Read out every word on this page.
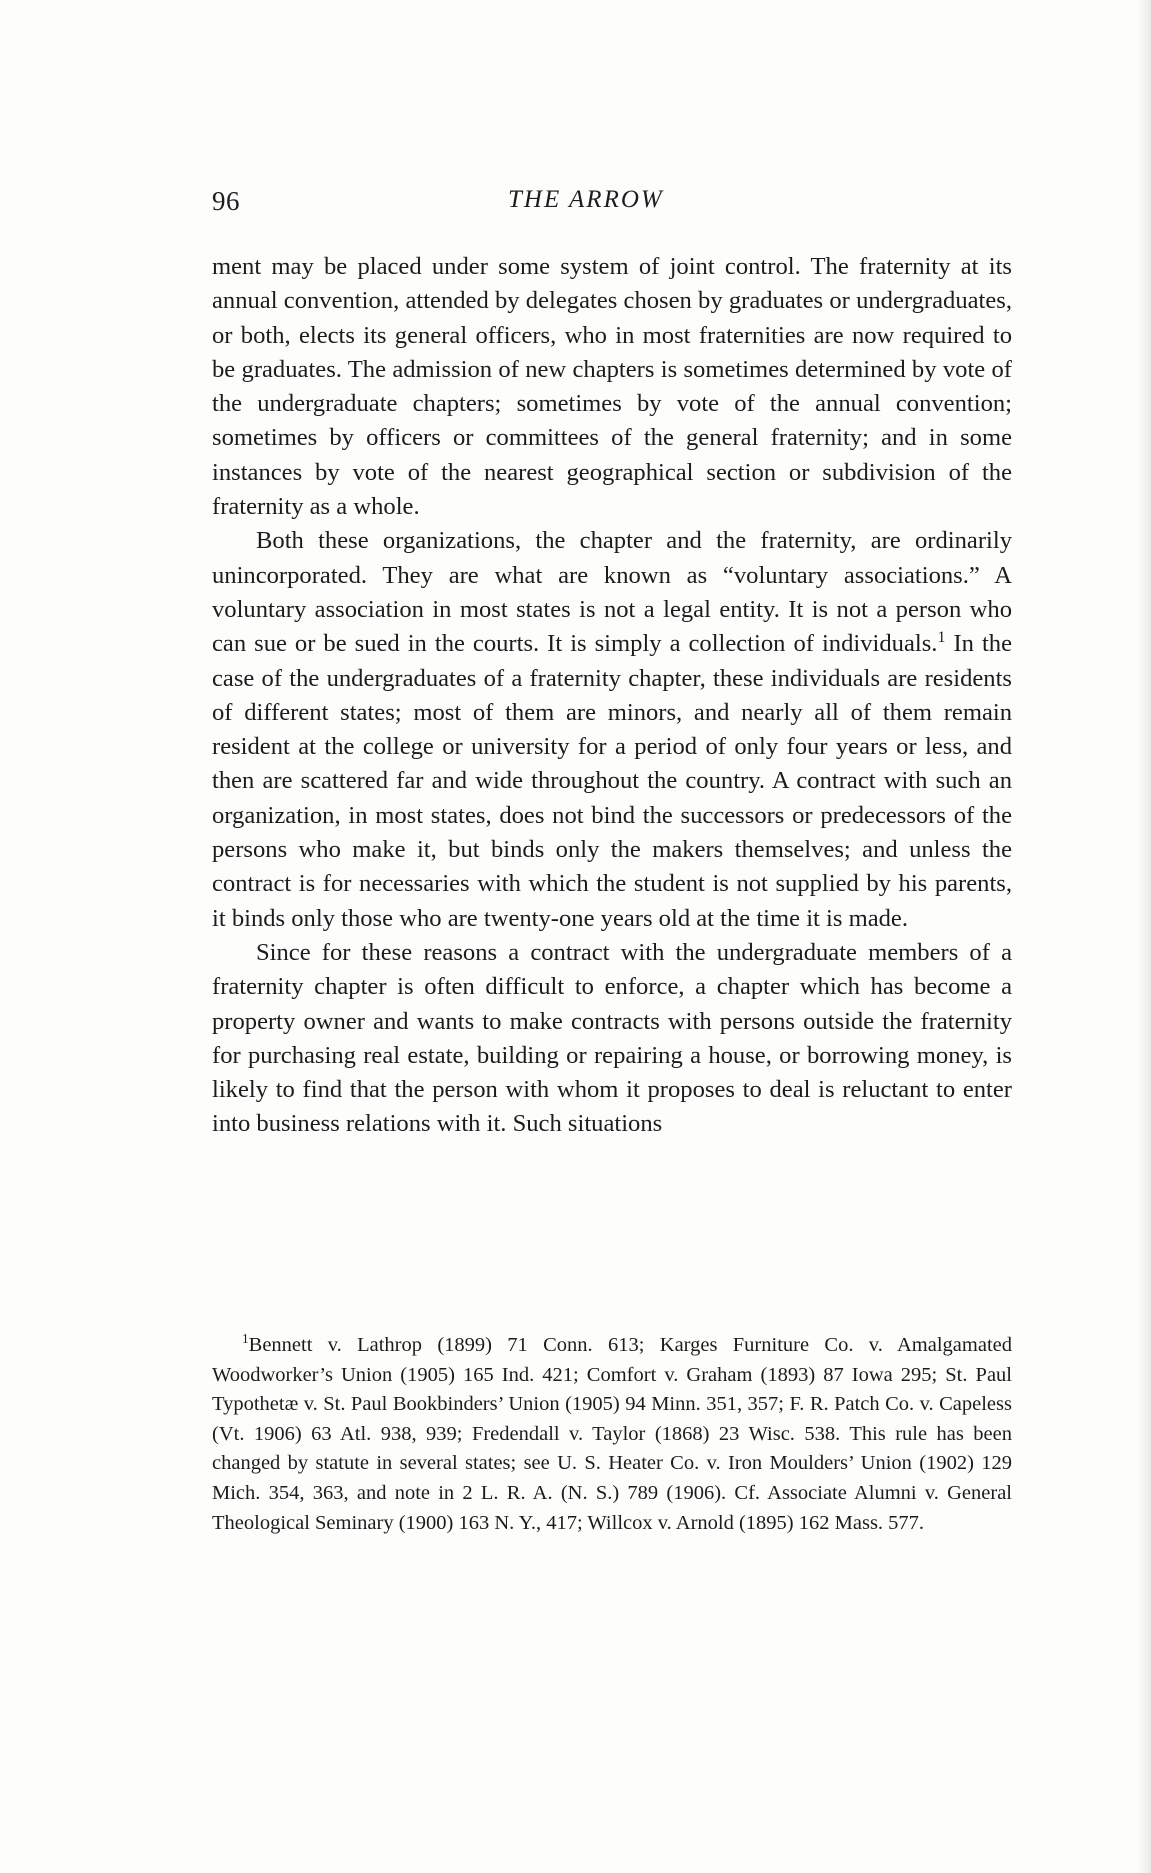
96	THE ARROW

ment may be placed under some system of joint control. The fraternity at its annual convention, attended by delegates chosen by graduates or undergraduates, or both, elects its general officers, who in most fraternities are now required to be graduates. The admission of new chapters is sometimes determined by vote of the undergraduate chapters; sometimes by vote of the annual convention; sometimes by officers or committees of the general fraternity; and in some instances by vote of the nearest geographical section or subdivision of the fraternity as a whole.

Both these organizations, the chapter and the fraternity, are ordinarily unincorporated. They are what are known as “voluntary associations.” A voluntary association in most states is not a legal entity. It is not a person who can sue or be sued in the courts. It is simply a collection of individuals.$^1$ In the case of the undergraduates of a fraternity chapter, these individuals are residents of different states; most of them are minors, and nearly all of them remain resident at the college or university for a period of only four years or less, and then are scattered far and wide throughout the country. A contract with such an organization, in most states, does not bind the successors or predecessors of the persons who make it, but binds only the makers themselves; and unless the contract is for necessaries with which the student is not supplied by his parents, it binds only those who are twenty-one years old at the time it is made.

Since for these reasons a contract with the undergraduate members of a fraternity chapter is often difficult to enforce, a chapter which has become a property owner and wants to make contracts with persons outside the fraternity for purchasing real estate, building or repairing a house, or borrowing money, is likely to find that the person with whom it proposes to deal is reluctant to enter into business relations with it. Such situations

$^1$Bennett v. Lathrop (1899) 71 Conn. 613; Karges Furniture Co. v. Amalgamated Woodworker’s Union (1905) 165 Ind. 421; Comfort v. Graham (1893) 87 Iowa 295; St. Paul Typothetæ v. St. Paul Bookbinders’ Union (1905) 94 Minn. 351, 357; F. R. Patch Co. v. Capeless (Vt. 1906) 63 Atl. 938, 939; Fredendall v. Taylor (1868) 23 Wisc. 538. This rule has been changed by statute in several states; see U. S. Heater Co. v. Iron Moulders’ Union (1902) 129 Mich. 354, 363, and note in 2 L. R. A. (N. S.) 789 (1906). Cf. Associate Alumni v. General Theological Seminary (1900) 163 N. Y., 417; Willcox v. Arnold (1895) 162 Mass. 577.
